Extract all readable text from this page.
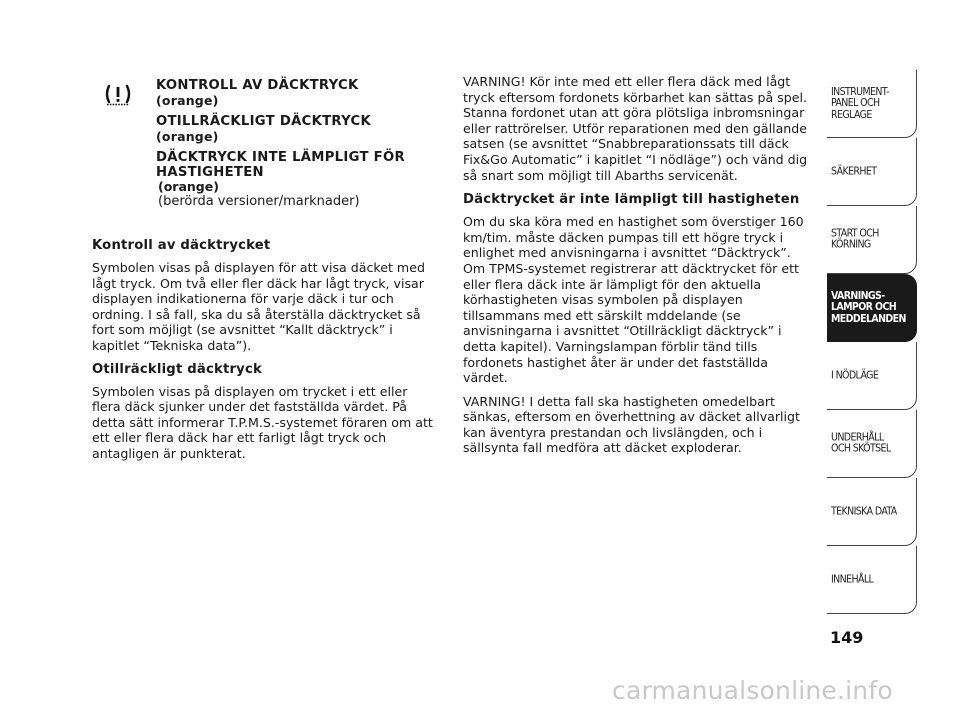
KONTROLL AV DÄCKTRYCK
(orange)
OTILLRÄCKLIGT DÄCKTRYCK
(orange)
DÄCKTRYCK INTE LÄMPLIGT FÖR
HASTIGHETEN
(orange)
(berörda versioner/marknader)

Kontroll av däcktrycket

Symbolen visas på displayen för att visa däcket med lågt tryck. Om två eller fler däck har lågt tryck, visar displayen indikationerna för varje däck i tur och ordning. I så fall, ska du så återställa däcktrycket så fort som möjligt (se avsnittet “Kallt däcktryck” i kapitlet “Tekniska data”).

Otillräckligt däcktryck

Symbolen visas på displayen om trycket i ett eller flera däck sjunker under det fastställda värdet. På detta sätt informerar T.P.M.S.-systemet föraren om att ett eller flera däck har ett farligt lågt tryck och antagligen är punkterat.

VARNING! Kör inte med ett eller flera däck med lågt tryck eftersom fordonets körbarhet kan sättas på spel. Stanna fordonet utan att göra plötsliga inbromsningar eller rattrörelser. Utför reparationen med den gällande satsen (se avsnittet “Snabbreparationssats till däck Fix&Go Automatic” i kapitlet “I nödläge”) och vänd dig så snart som möjligt till Abarths servicenät.

Däcktrycket är inte lämpligt till hastigheten

Om du ska köra med en hastighet som överstiger 160 km/tim. måste däcken pumpas till ett högre tryck i enlighet med anvisningarna i avsnittet “Däcktryck”. Om TPMS-systemet registrerar att däcktrycket för ett eller flera däck inte är lämpligt för den aktuella körhastigheten visas symbolen på displayen tillsammans med ett särskilt mddelande (se anvisningarna i avsnittet “Otillräckligt däcktryck” i detta kapitel). Varningslampan förblir tänd tills fordonets hastighet åter är under det fastställda värdet.

VARNING! I detta fall ska hastigheten omedelbart sänkas, eftersom en överhettning av däcket allvarligt kan äventyra prestandan och livslängden, och i sällsynta fall medföra att däcket exploderar.

INSTRUMENT-
PANEL OCH
REGLAGE
SÄKERHET
START OCH
KÖRNING
VARNINGS-
LAMPOR OCH
MEDDELANDEN
I NÖDLÄGE
UNDERHÅLL
OCH SKÖTSEL
TEKNISKA DATA
INNEHÅLL
149
carmanualsonline.info
